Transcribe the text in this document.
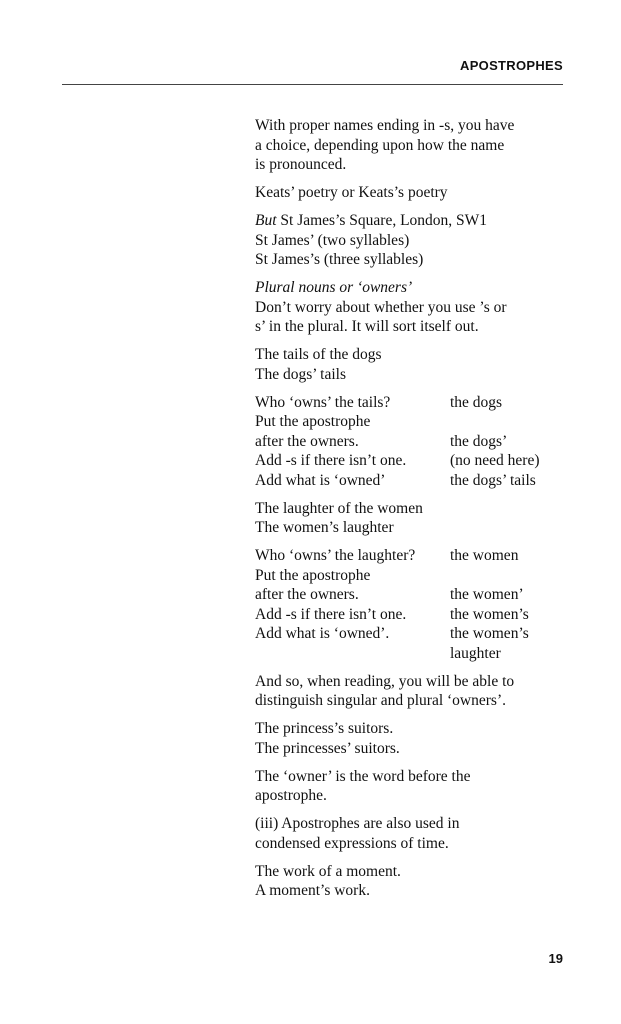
APOSTROPHES
With proper names ending in -s, you have
a choice, depending upon how the name
is pronounced.
Keats’ poetry or Keats’s poetry
But St James’s Square, London, SW1
St James’ (two syllables)
St James’s (three syllables)
Plural nouns or ‘owners’
Don’t worry about whether you use ’s or
s’ in the plural. It will sort itself out.
The tails of the dogs
The dogs’ tails
Who ‘owns’ the tails?	the dogs
Put the apostrophe
after the owners.	the dogs’
Add -s if there isn’t one.	(no need here)
Add what is ‘owned’	the dogs’ tails
The laughter of the women
The women’s laughter
Who ‘owns’ the laughter?	the women
Put the apostrophe
after the owners.	the women’
Add -s if there isn’t one.	the women’s
Add what is ‘owned’.	the women’s
laughter
And so, when reading, you will be able to
distinguish singular and plural ‘owners’.
The princess’s suitors.
The princesses’ suitors.
The ‘owner’ is the word before the
apostrophe.
(iii) Apostrophes are also used in
condensed expressions of time.
The work of a moment.
A moment’s work.
19
